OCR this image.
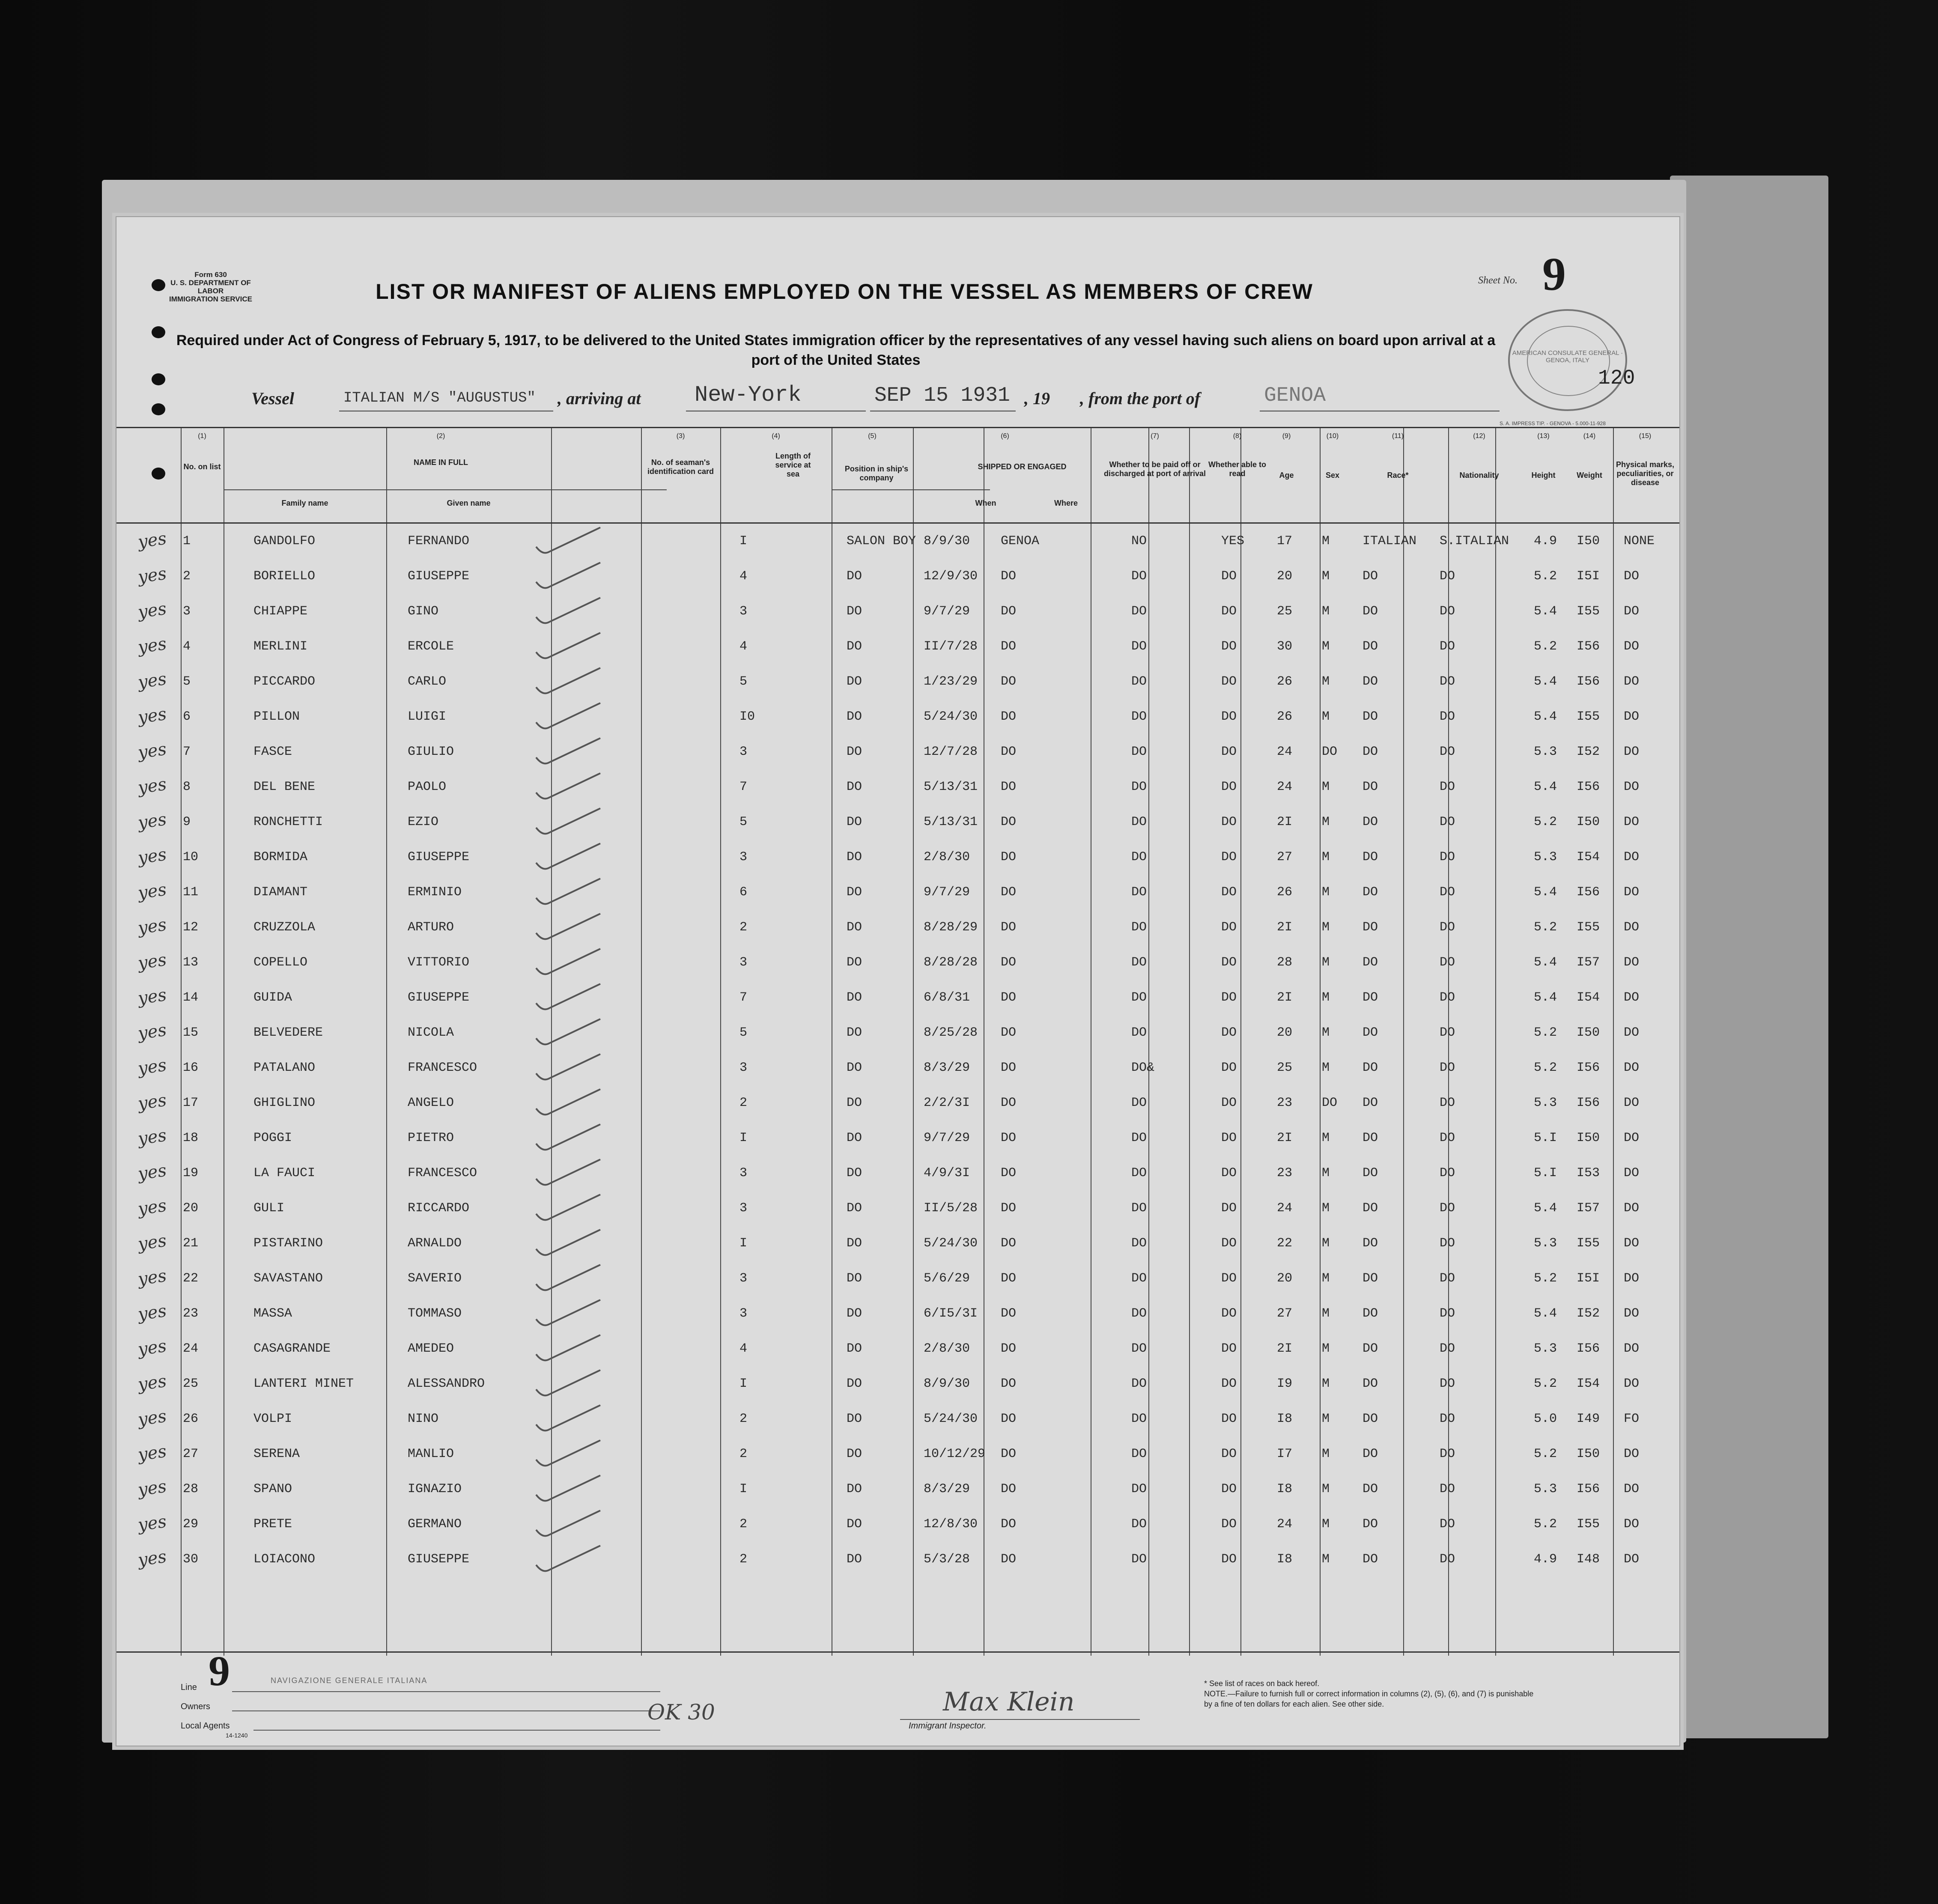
Form 630
U. S. DEPARTMENT OF LABOR
IMMIGRATION SERVICE
Sheet No. 9
LIST OR MANIFEST OF ALIENS EMPLOYED ON THE VESSEL AS MEMBERS OF CREW
Required under Act of Congress of February 5, 1917, to be delivered to the United States immigration officer by the representatives of any vessel having such aliens on board upon arrival at a
port of the United States	AMERICAN CONSULATE GENERAL · GENOA, ITALY
120
Vessel	ITALIAN M/S "AUGUSTUS" , arriving at New-York	SEP 15 1931 , 19 , from the port of	GENOA
S. A. IMPRESS TIP. - GENOVA - 5.000-11-928
(1)
No. on list
(2)
NAME IN FULL
Family name	Given name
(3)
No. of seaman's identification card
(4)
Length of service at sea
(5)
Position in ship's company
(6)
SHIPPED OR ENGAGED
When	Where
(7)
Whether to be paid off or discharged at port of arrival
(8)
Whether able to read
(9)
Age
(10)
Sex
(11)
Race*
(12)
Nationality
(13)
Height
(14)
Weight
(15)
Physical marks, peculiarities, or disease
yes 1	GANDOLFO	FERNANDO	I	SALON BOY 8/9/30 GENOA	NO	YES	17 M	ITALIAN S.ITALIAN 4.9 I50 NONE
yes 2	BORIELLO	GIUSEPPE	4	DO	12/9/30 DO	DO	DO	20 M	DO	DO	5.2 I5I DO
yes 3	CHIAPPE	GINO	3	DO	9/7/29 DO	DO	DO	25 M	DO	DO	5.4 I55 DO
yes 4	MERLINI	ERCOLE	4	DO	II/7/28 DO	DO	DO	30 M	DO	DO	5.2 I56 DO
yes 5	PICCARDO	CARLO	5	DO	1/23/29 DO	DO	DO	26 M	DO	DO	5.4 I56 DO
yes 6	PILLON	LUIGI	I0	DO	5/24/30 DO	DO	DO	26 M	DO	DO	5.4 I55 DO
yes 7	FASCE	GIULIO	3	DO	12/7/28 DO	DO	DO	24 DO DO	DO	5.3 I52 DO
yes 8	DEL BENE	PAOLO	7	DO	5/13/31 DO	DO	DO	24 M	DO	DO	5.4 I56 DO
yes 9	RONCHETTI	EZIO	5	DO	5/13/31 DO	DO	DO	2I M	DO	DO	5.2 I50 DO
yes 10	BORMIDA	GIUSEPPE	3	DO	2/8/30 DO	DO	DO	27 M	DO	DO	5.3 I54 DO
yes 11	DIAMANT	ERMINIO	6	DO	9/7/29 DO	DO	DO	26 M	DO	DO	5.4 I56 DO
yes 12	CRUZZOLA	ARTURO	2	DO	8/28/29 DO	DO	DO	2I M	DO	DO	5.2 I55 DO
yes 13	COPELLO	VITTORIO	3	DO	8/28/28 DO	DO	DO	28 M	DO	DO	5.4 I57 DO
yes 14	GUIDA	GIUSEPPE	7	DO	6/8/31 DO	DO	DO	2I M	DO	DO	5.4 I54 DO
yes 15	BELVEDERE	NICOLA	5	DO	8/25/28 DO	DO	DO	20 M	DO	DO	5.2 I50 DO
yes 16	PATALANO	FRANCESCO	3	DO	8/3/29 DO	DO&	DO	25 M	DO	DO	5.2 I56 DO
yes 17	GHIGLINO	ANGELO	2	DO	2/2/3I DO	DO	DO	23 DO DO	DO	5.3 I56 DO
yes 18	POGGI	PIETRO	I	DO	9/7/29 DO	DO	DO	2I M	DO	DO	5.I I50 DO
yes 19	LA FAUCI	FRANCESCO	3	DO	4/9/3I DO	DO	DO	23 M	DO	DO	5.I I53 DO
yes 20	GULI	RICCARDO	3	DO	II/5/28 DO	DO	DO	24 M	DO	DO	5.4 I57 DO
yes 21	PISTARINO	ARNALDO	I	DO	5/24/30 DO	DO	DO	22 M	DO	DO	5.3 I55 DO
yes 22	SAVASTANO	SAVERIO	3	DO	5/6/29 DO	DO	DO	20 M	DO	DO	5.2 I5I DO
yes 23	MASSA	TOMMASO	3	DO	6/I5/3I DO	DO	DO	27 M	DO	DO	5.4 I52 DO
yes 24	CASAGRANDE	AMEDEO	4	DO	2/8/30 DO	DO	DO	2I M	DO	DO	5.3 I56 DO
yes 25	LANTERI MINET	ALESSANDRO	I	DO	8/9/30 DO	DO	DO	I9 M	DO	DO	5.2 I54 DO
yes 26	VOLPI	NINO	2	DO	5/24/30 DO	DO	DO	I8 M	DO	DO	5.0 I49 FO
yes 27	SERENA	MANLIO	2	DO	10/12/29 DO	DO	DO	I7 M	DO	DO	5.2 I50 DO
yes 28	SPANO	IGNAZIO	I	DO	8/3/29 DO	DO	DO	I8 M	DO	DO	5.3 I56 DO
yes 29	PRETE	GERMANO	2	DO	12/8/30 DO	DO	DO	24 M	DO	DO	5.2 I55 DO
yes 30	LOIACONO	GIUSEPPE	2	DO	5/3/28 DO	DO	DO	I8 M	DO	DO	4.9 I48 DO
Line 9
Owners
NAVIGAZIONE GENERALE ITALIANA
Local Agents
14-1240
OK 30	Max Klein
Immigrant Inspector.
* See list of races on back hereof.
NOTE.—Failure to furnish full or correct information in columns (2), (5), (6), and (7) is punishable by a fine of ten dollars for each alien. See other side.
